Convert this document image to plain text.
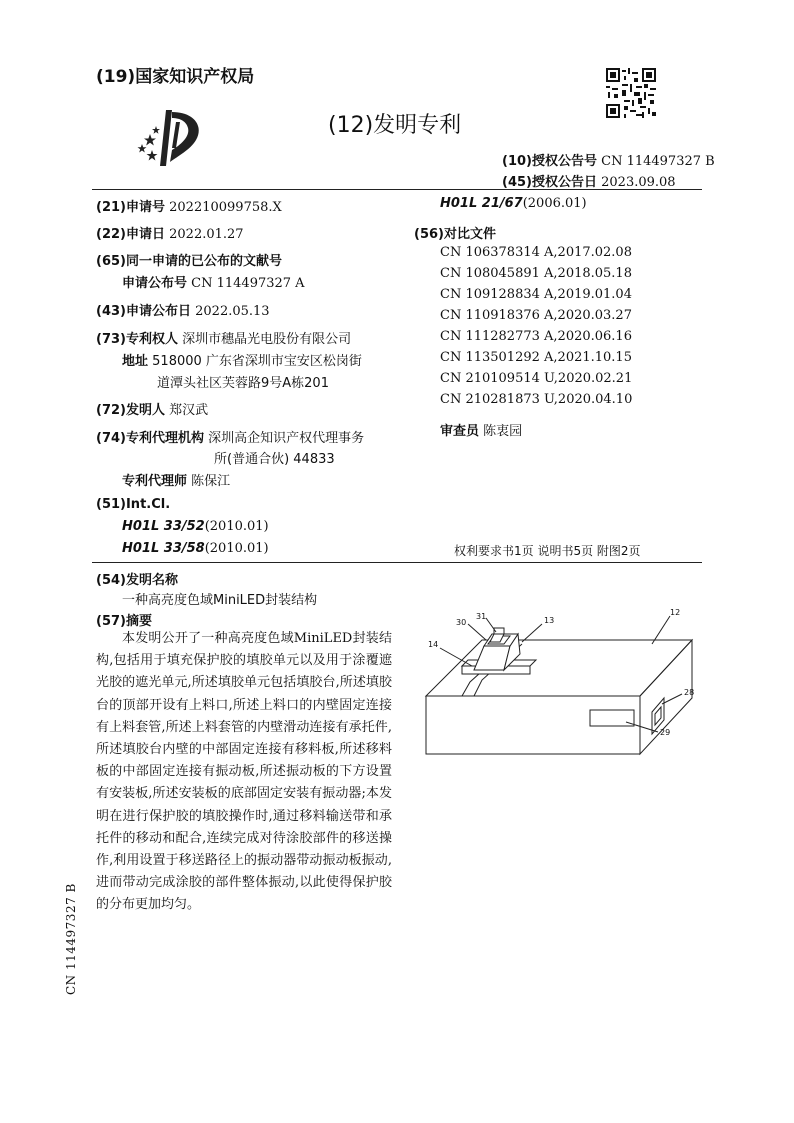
(19)国家知识产权局
(12)发明专利
(10)授权公告号 CN 114497327 B
(45)授权公告日 2023.09.08
(21)申请号 202210099758.X
(22)申请日 2022.01.27
(65)同一申请的已公布的文献号
申请公布号 CN 114497327 A
(43)申请公布日 2022.05.13
(73)专利权人 深圳市穗晶光电股份有限公司
地址 518000 广东省深圳市宝安区松岗街
道潭头社区芙蓉路9号A栋201
(72)发明人 郑汉武
(74)专利代理机构 深圳高企知识产权代理事务
所(普通合伙) 44833
专利代理师 陈保江
(51)Int.Cl.
H01L 33/52(2010.01)
H01L 33/58(2010.01)
H01L 21/67(2006.01)
(56)对比文件
CN 106378314 A,2017.02.08
CN 108045891 A,2018.05.18
CN 109128834 A,2019.01.04
CN 110918376 A,2020.03.27
CN 111282773 A,2020.06.16
CN 113501292 A,2021.10.15
CN 210109514 U,2020.02.21
CN 210281873 U,2020.04.10
审查员 陈衷园
权利要求书1页 说明书5页 附图2页
(54)发明名称
一种高亮度色域MiniLED封装结构
(57)摘要

本发明公开了一种高亮度色域MiniLED封装结构,包括用于填充保护胶的填胶单元以及用于涂覆遮光胶的遮光单元,所述填胶单元包括填胶台,所述填胶台的顶部开设有上料口,所述上料口的内壁固定连接有上料套管,所述上料套管的内壁滑动连接有承托件,所述填胶台内壁的中部固定连接有移料板,所述移料板的中部固定连接有振动板,所述振动板的下方设置有安装板,所述安装板的底部固定安装有振动器;本发明在进行保护胶的填胶操作时,通过移料输送带和承托件的移动和配合,连续完成对待涂胶部件的移送操作,利用设置于移送路径上的振动器带动振动板振动,进而带动完成涂胶的部件整体振动,以此使得保护胶的分布更加均匀。

12
13
14
28
29
30
31
CN 114497327 B
